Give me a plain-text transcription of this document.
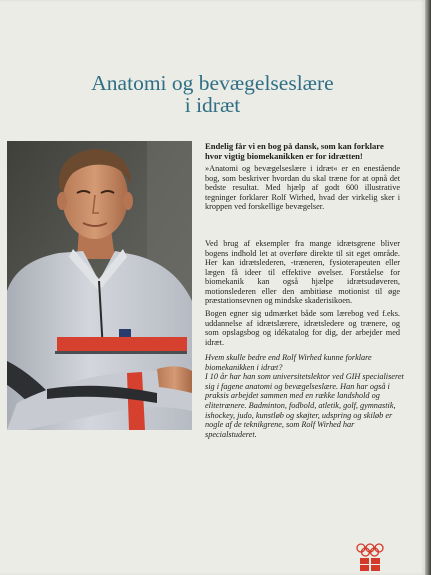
Anatomi og bevægelseslære
i idræt
Endelig får vi en bog på dansk, som kan forklare hvor vigtig biomekanikken er for idrætten!
»Anatomi og bevægelseslære i idræt« er en enestående bog, som beskriver hvordan du skal træne for at opnå det bedste resultat. Med hjælp af godt 600 illustrative tegninger forklarer Rolf Wirhed, hvad der virkelig sker i kroppen ved forskellige bevægelser.
Ved brug af eksempler fra mange idrætsgrene bliver bogens indhold let at overføre direkte til sit eget område. Her kan idrætslederen, -træneren, fysioterapeuten eller lægen få ideer til effektive øvelser. Forståelse for biomekanik kan også hjælpe idrætsudøveren, motionslederen eller den ambitiøse motionist til øge præstationsevnen og mindske skaderisikoen.
Bogen egner sig udmærket både som lærebog ved f.eks. uddannelse af idrætslærere, idrætsledere og trænere, og som opslagsbog og idékatalog for dig, der arbejder med idræt.

Hvem skulle bedre end Rolf Wirhed kunne forklare biomekanikken i idræt?

I 10 år har han som universitetslektor ved GIH specialiseret sig i fagene anatomi og bevægelseslære. Han har også i praksis arbejdet sammen med en række landshold og elitetrænere. Badminton, fodbold, atletik, golf, gymnastik, ishockey, judo, kunstløb og skøjter, udspring og skiløb er nogle af de teknikgrene, som Rolf Wirhed har specialstuderet.
